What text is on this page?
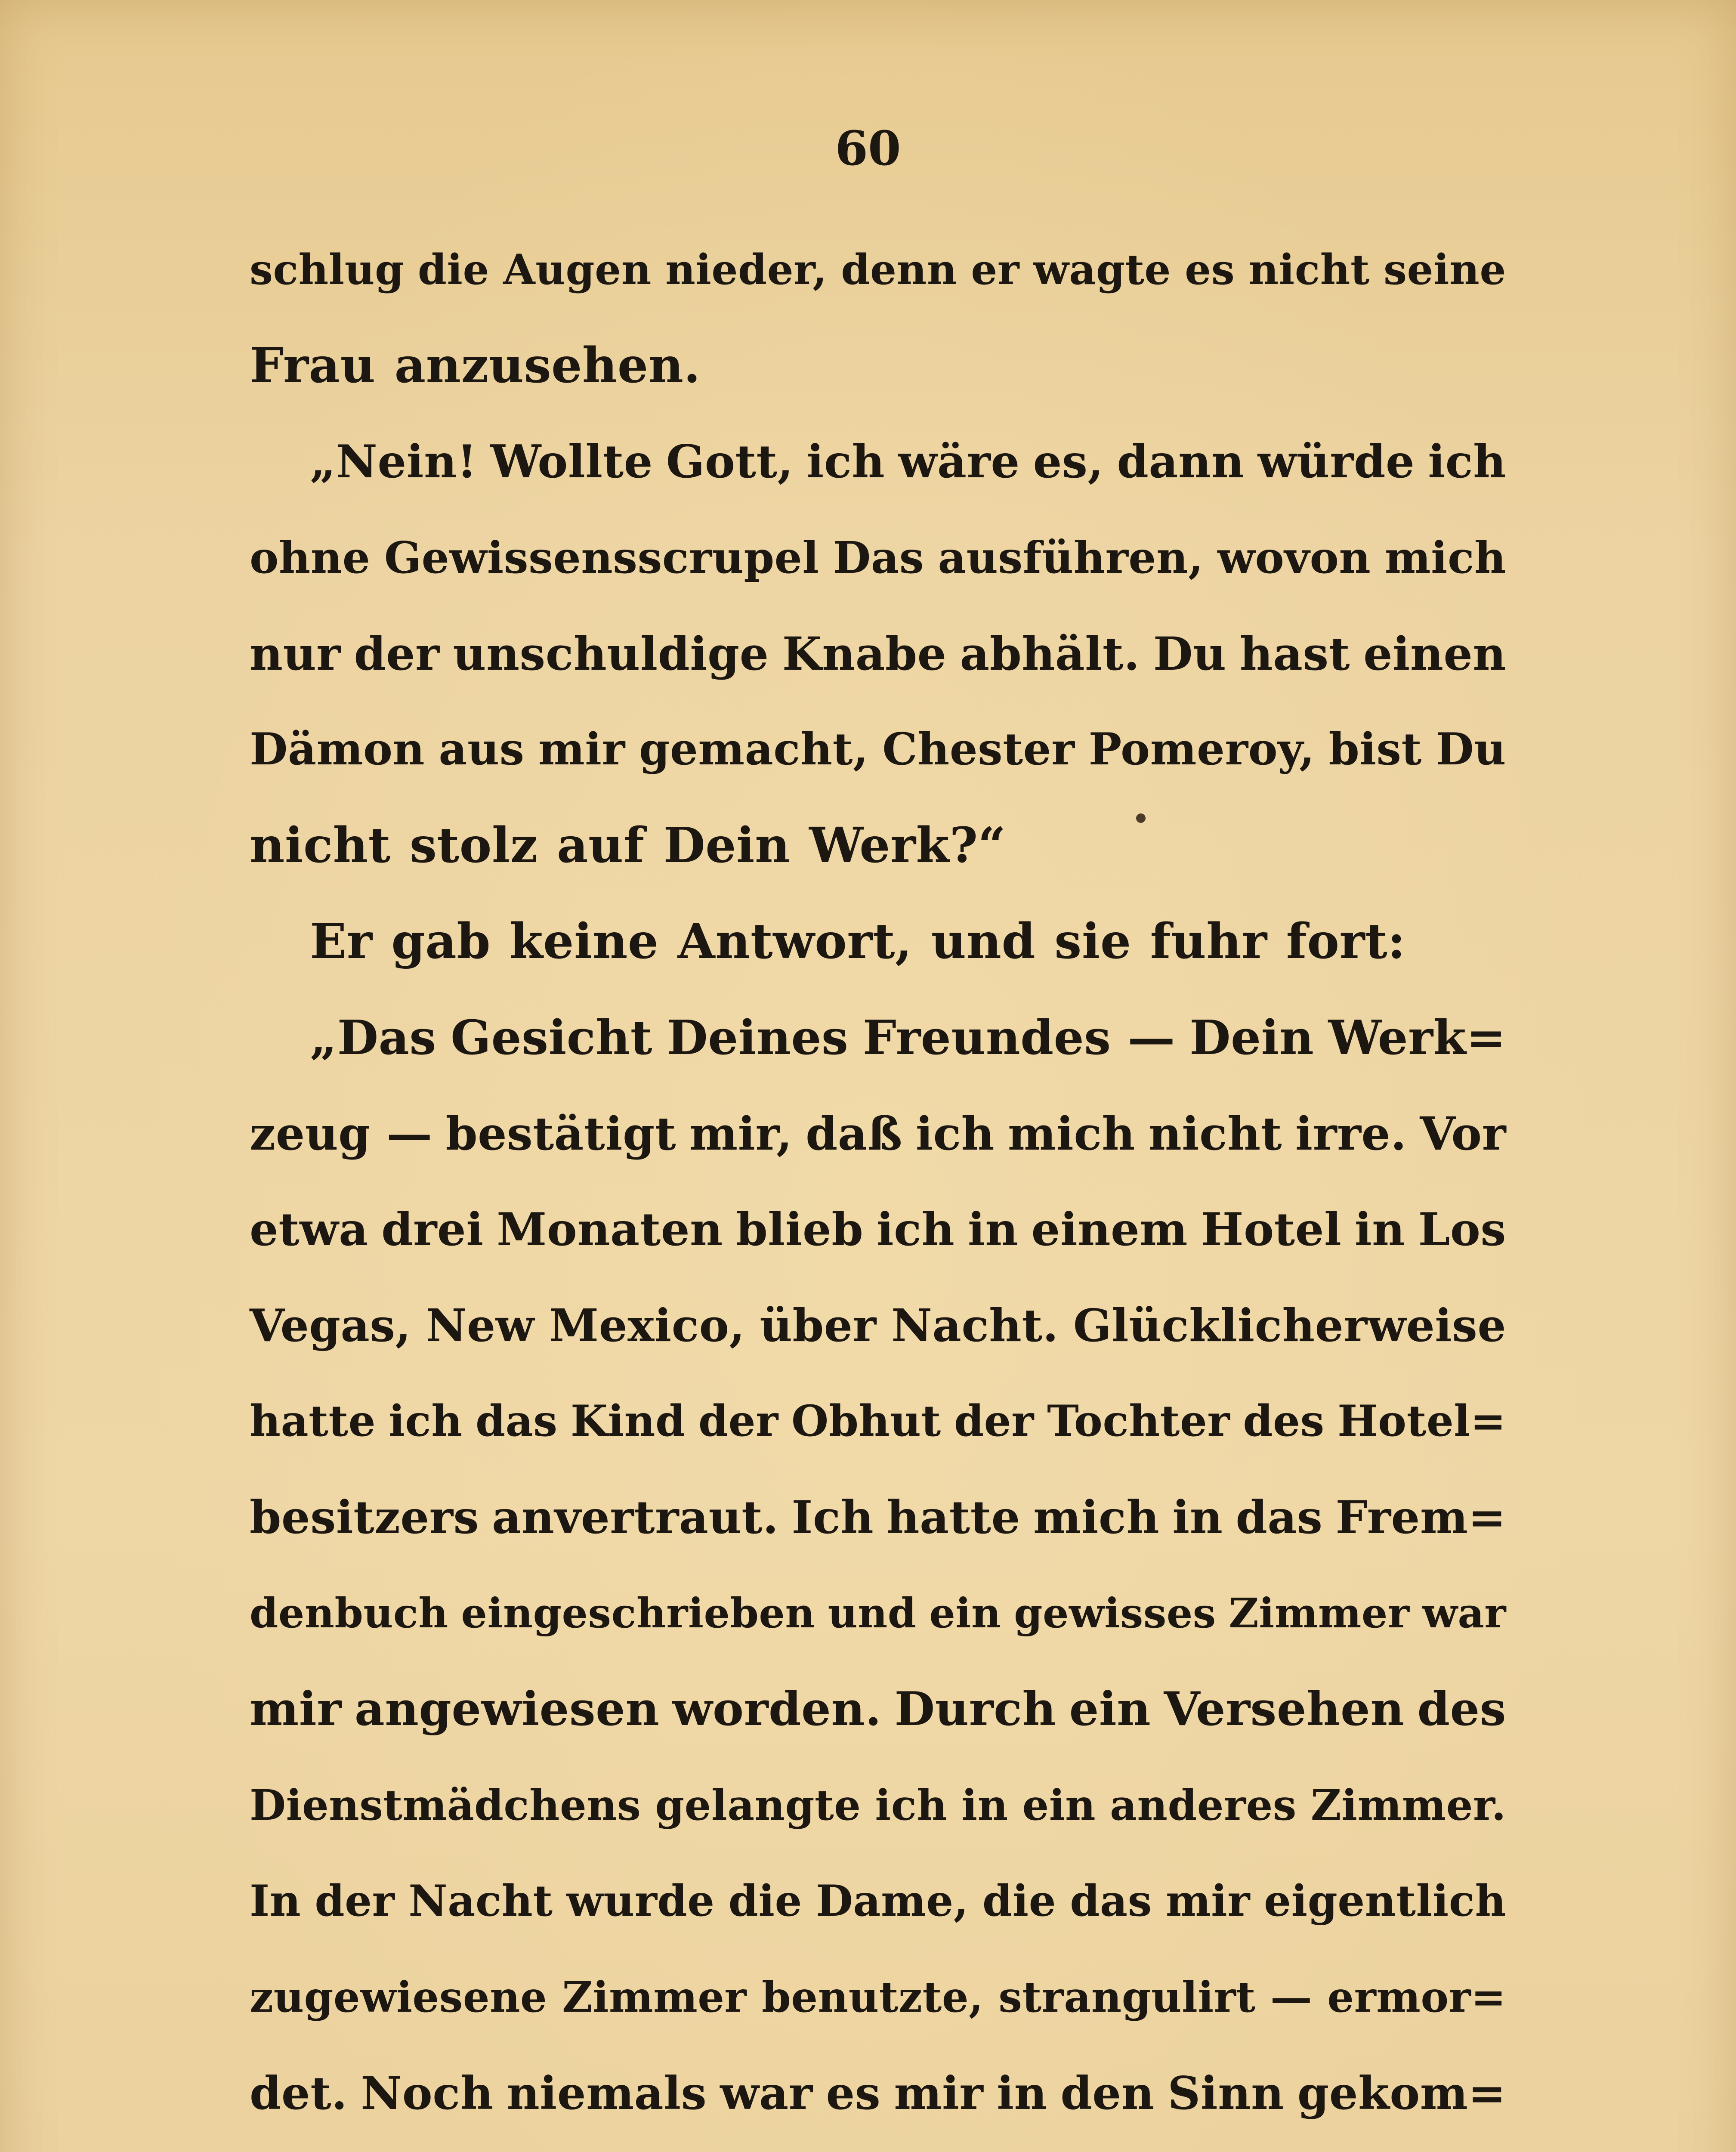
60
schlug die Augen nieder, denn er wagte es nicht seine
Frau anzusehen.
„Nein! Wollte Gott, ich wäre es, dann würde ich
ohne Gewissensscrupel Das ausführen, wovon mich
nur der unschuldige Knabe abhält. Du hast einen
Dämon aus mir gemacht, Chester Pomeroy, bist Du
nicht stolz auf Dein Werk?“
Er gab keine Antwort, und sie fuhr fort:
„Das Gesicht Deines Freundes — Dein Werk=
zeug — bestätigt mir, daß ich mich nicht irre. Vor
etwa drei Monaten blieb ich in einem Hotel in Los
Vegas, New Mexico, über Nacht. Glücklicherweise
hatte ich das Kind der Obhut der Tochter des Hotel=
besitzers anvertraut. Ich hatte mich in das Frem=
denbuch eingeschrieben und ein gewisses Zimmer war
mir angewiesen worden. Durch ein Versehen des
Dienstmädchens gelangte ich in ein anderes Zimmer.
In der Nacht wurde die Dame, die das mir eigentlich
zugewiesene Zimmer benutzte, strangulirt — ermor=
det. Noch niemals war es mir in den Sinn gekom=
